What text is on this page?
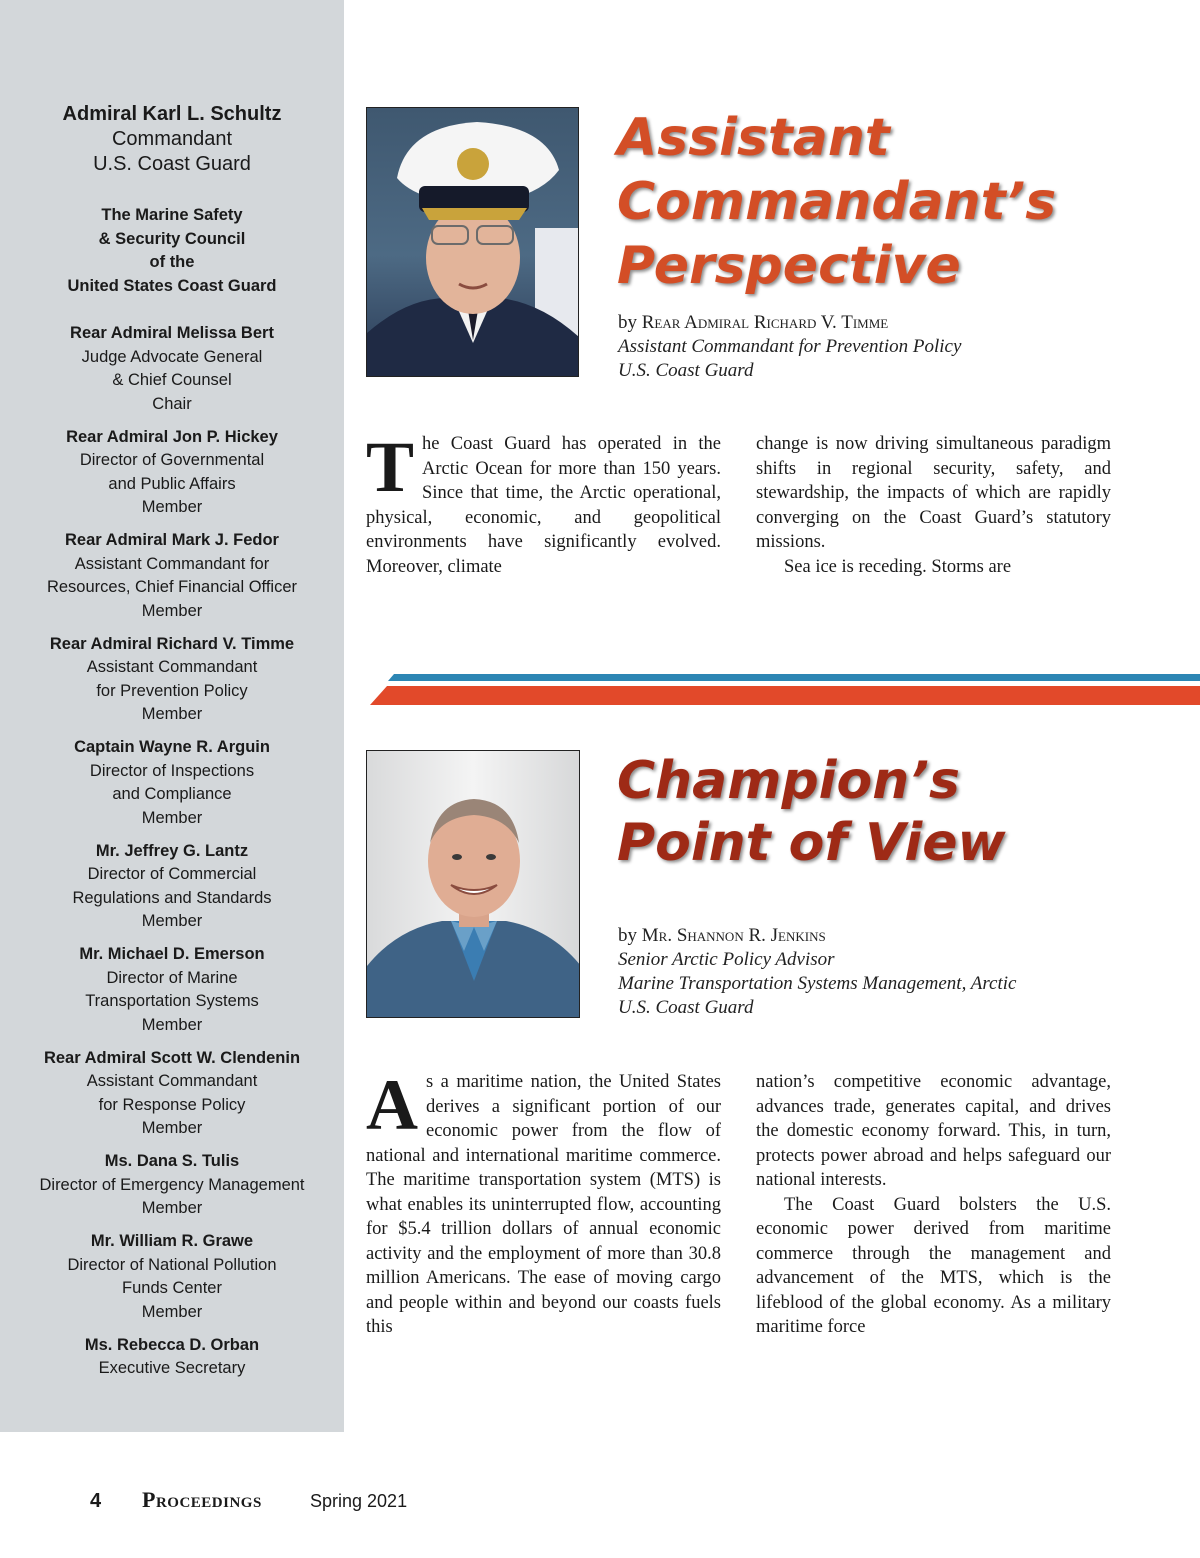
Admiral Karl L. Schultz
Commandant
U.S. Coast Guard
The Marine Safety
& Security Council
of the
United States Coast Guard
Rear Admiral Melissa Bert
Judge Advocate General
& Chief Counsel
Chair
Rear Admiral Jon P. Hickey
Director of Governmental
and Public Affairs
Member
Rear Admiral Mark J. Fedor
Assistant Commandant for
Resources, Chief Financial Officer
Member
Rear Admiral Richard V. Timme
Assistant Commandant
for Prevention Policy
Member
Captain Wayne R. Arguin
Director of Inspections
and Compliance
Member
Mr. Jeffrey G. Lantz
Director of Commercial
Regulations and Standards
Member
Mr. Michael D. Emerson
Director of Marine
Transportation Systems
Member
Rear Admiral Scott W. Clendenin
Assistant Commandant
for Response Policy
Member
Ms. Dana S. Tulis
Director of Emergency Management
Member
Mr. William R. Grawe
Director of National Pollution
Funds Center
Member
Ms. Rebecca D. Orban
Executive Secretary
Assistant
Commandant’s
Perspective
by Rear Admiral Richard V. Timme
Assistant Commandant for Prevention Policy
U.S. Coast Guard
The Coast Guard has operated in the Arctic Ocean for more than 150 years. Since that time, the Arctic operational, physical, economic, and geopolitical environments have significantly evolved. Moreover, climate

change is now driving simultaneous paradigm shifts in regional security, safety, and stewardship, the impacts of which are rapidly converging on the Coast Guard’s statutory missions.

Sea ice is receding. Storms are

Champion’s
Point of View
by Mr. Shannon R. Jenkins
Senior Arctic Policy Advisor
Marine Transportation Systems Management, Arctic
U.S. Coast Guard
As a maritime nation, the United States derives a significant portion of our economic power from the flow of national and international maritime commerce. The maritime transportation system (MTS) is what enables its uninterrupted flow, accounting for $5.4 trillion dollars of annual economic activity and the employment of more than 30.8 million Americans. The ease of moving cargo and people within and beyond our coasts fuels this

nation’s competitive economic advantage, advances trade, generates capital, and drives the domestic economy forward. This, in turn, protects power abroad and helps safeguard our national interests.

The Coast Guard bolsters the U.S. economic power derived from maritime commerce through the management and advancement of the MTS, which is the lifeblood of the global economy. As a military maritime force

4 Proceedings	Spring 2021
